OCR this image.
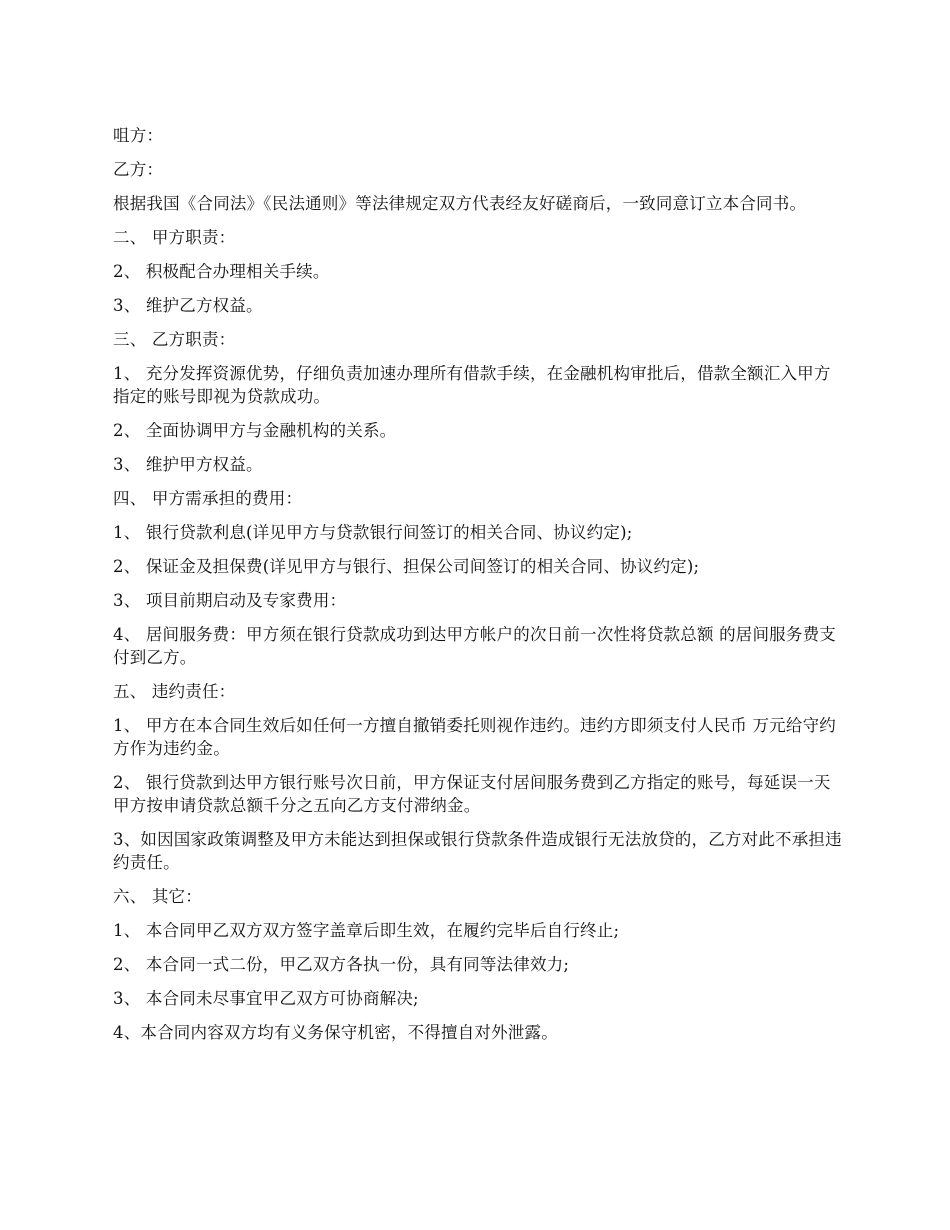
咀方：

乙方：

根据我国《合同法》《民法通则》等法律规定双方代表经友好磋商后，一致同意订立本合同书。

二、 甲方职责：

2、 积极配合办理相关手续。

3、 维护乙方权益。

三、 乙方职责：

1、 充分发挥资源优势，仔细负责加速办理所有借款手续，在金融机构审批后，借款全额汇入甲方指定的账号即视为贷款成功。

2、 全面协调甲方与金融机构的关系。

3、 维护甲方权益。

四、 甲方需承担的费用：

1、 银行贷款利息(详见甲方与贷款银行间签订的相关合同、协议约定);

2、 保证金及担保费(详见甲方与银行、担保公司间签订的相关合同、协议约定);

3、 项目前期启动及专家费用：

4、 居间服务费：甲方须在银行贷款成功到达甲方帐户的次日前一次性将贷款总额 的居间服务费支付到乙方。

五、 违约责任：

1、 甲方在本合同生效后如任何一方擅自撤销委托则视作违约。违约方即须支付人民币 万元给守约方作为违约金。

2、 银行贷款到达甲方银行账号次日前，甲方保证支付居间服务费到乙方指定的账号，每延误一天甲方按申请贷款总额千分之五向乙方支付滞纳金。

3、如因国家政策调整及甲方未能达到担保或银行贷款条件造成银行无法放贷的，乙方对此不承担违约责任。

六、 其它：

1、 本合同甲乙双方双方签字盖章后即生效，在履约完毕后自行终止;

2、 本合同一式二份，甲乙双方各执一份，具有同等法律效力;

3、 本合同未尽事宜甲乙双方可协商解决;

4、本合同内容双方均有义务保守机密，不得擅自对外泄露。
